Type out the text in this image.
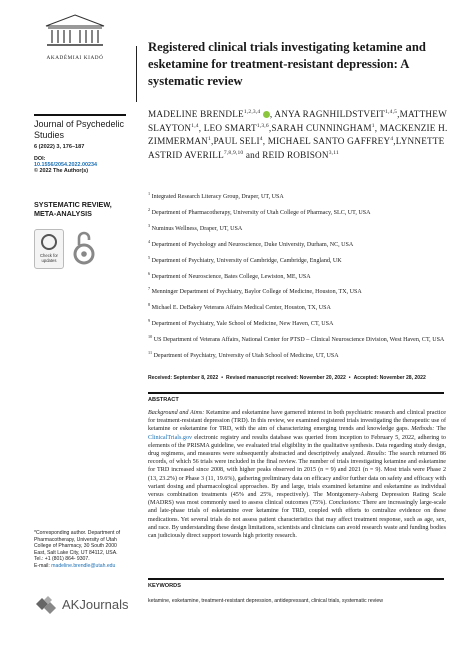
AKADÉMIAI KIADÓ
Journal of Psychedelic Studies
6 (2022) 3, 176–187
DOI:
10.1556/2054.2022.00234
© 2022 The Author(s)
SYSTEMATIC REVIEW, META-ANALYSIS
Check for updates
*Corresponding author. Department of Pharmacotherapy, University of Utah College of Pharmacy, 30 South 2000 East, Salt Lake City, UT 84112, USA. Tel.: +1 (801) 864- 9307.
E-mail: madeline.brendle@utah.edu
AKJournals
Registered clinical trials investigating ketamine and esketamine for treatment-resistant depression: A systematic review
MADELINE BRENDLE$^{1,2,3,4}$ , ANYA RAGNHILDSTVEIT$^{1,4,5}$,MATTHEW SLAYTON$^{1,4}$, LEO SMART$^{1,3,6}$,SARAH CUNNINGHAM$^1$, MACKENZIE H. ZIMMERMAN$^1$,PAUL SELI$^4$, MICHAEL SANTO GAFFREY$^4$,LYNNETTE ASTRID AVERILL$^{7,8,9,10}$ and REID ROBISON$^{3,11}$
$^1$ Integrated Research Literacy Group, Draper, UT, USA
$^2$ Department of Pharmacotherapy, University of Utah College of Pharmacy, SLC, UT, USA
$^3$ Numinus Wellness, Draper, UT, USA
$^4$ Department of Psychology and Neuroscience, Duke University, Durham, NC, USA
$^5$ Department of Psychiatry, University of Cambridge, Cambridge, England, UK
$^6$ Department of Neuroscience, Bates College, Lewiston, ME, USA
$^7$ Menninger Department of Psychiatry, Baylor College of Medicine, Houston, TX, USA
$^8$ Michael E. DeBakey Veterans Affairs Medical Center, Houston, TX, USA
$^9$ Department of Psychiatry, Yale School of Medicine, New Haven, CT, USA
$^{10}$ US Department of Veterans Affairs, National Center for PTSD – Clinical Neuroscience Division, West Haven, CT, USA
$^{11}$ Department of Psychiatry, University of Utah School of Medicine, UT, USA
Received: September 8, 2022 • Revised manuscript received: November 20, 2022 • Accepted: November 28, 2022
ABSTRACT
Background and Aims: Ketamine and esketamine have garnered interest in both psychiatric research and clinical practice for treatment-resistant depression (TRD). In this review, we examined registered trials investigating the therapeutic use of ketamine or esketamine for TRD, with the aim of characterizing emerging trends and knowledge gaps. Methods: The ClinicalTrials.gov electronic registry and results database was queried from inception to February 5, 2022, adhering to elements of the PRISMA guideline, we evaluated trial eligibility in the qualitative synthesis. Data regarding study design, drug regimens, and measures were subsequently abstracted and descriptively analyzed. Results: The search returned 86 records, of which 56 trials were included in the final review. The number of trials investigating ketamine and esketamine for TRD increased since 2008, with higher peaks observed in 2015 (n = 9) and 2021 (n = 9). Most trials were Phase 2 (13, 23.2%) or Phase 3 (11, 19.6%), gathering preliminary data on efficacy and/or further data on safety and efficacy with variant dosing and pharmacological approaches. By and large, trials examined ketamine and esketamine as individual versus combination treatments (45% and 25%, respectively). The Montgomery-Asberg Depression Rating Scale (MADRS) was most commonly used to assess clinical outcomes (75%). Conclusions: There are increasingly large-scale and late-phase trials of esketamine over ketamine for TRD, coupled with efforts to centralize evidence on these medications. Yet several trials do not assess patient characteristics that may affect treatment response, such as age, sex, and race. By understanding these design limitations, scientists and clinicians can avoid research waste and funding bodies can judiciously direct support towards high priority research.
KEYWORDS
ketamine, esketamine, treatment-resistant depression, antidepressant, clinical trials, systematic review
